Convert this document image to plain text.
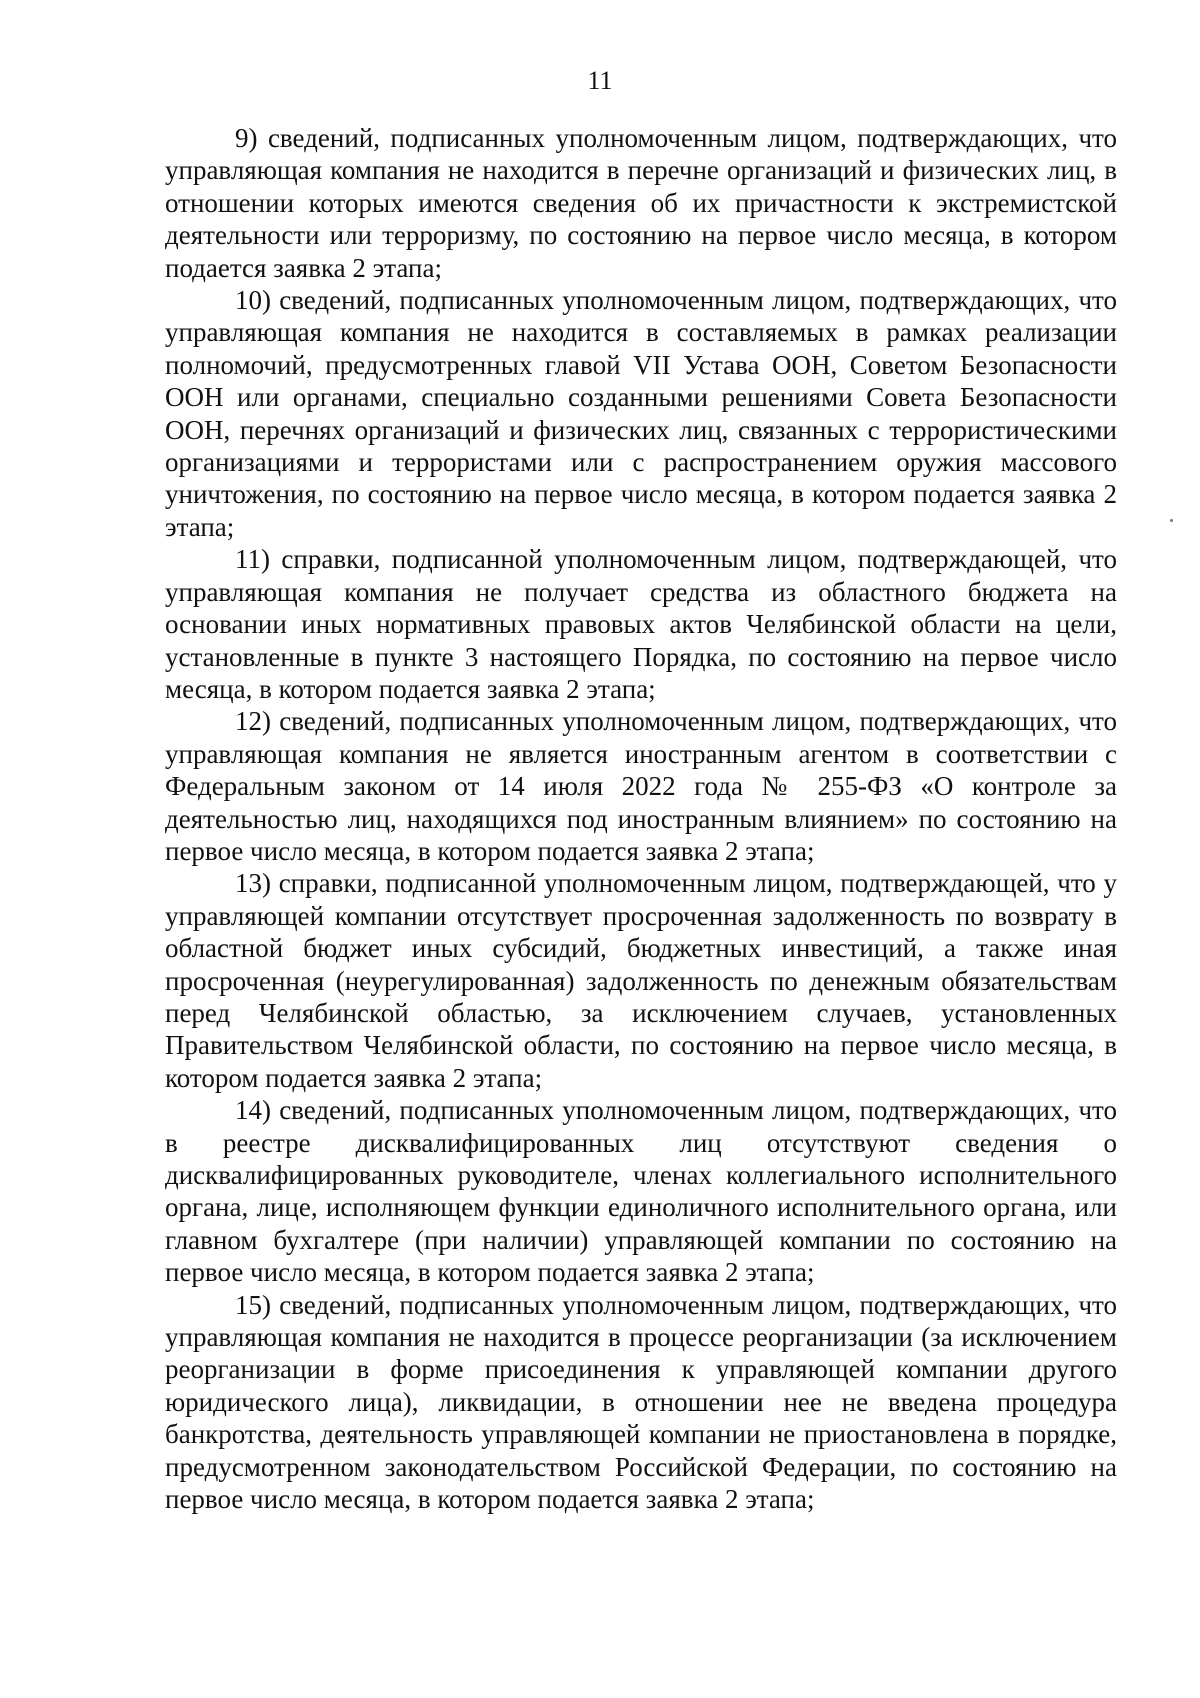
11

9) сведений, подписанных уполномоченным лицом, подтверждающих, что управляющая компания не находится в перечне организаций и физических лиц, в отношении которых имеются сведения об их причастности к экстремистской деятельности или терроризму, по состоянию на первое число месяца, в котором подается заявка 2 этапа;

10) сведений, подписанных уполномоченным лицом, подтверждающих, что управляющая компания не находится в составляемых в рамках реализации полномочий, предусмотренных главой VII Устава ООН, Советом Безопасности ООН или органами, специально созданными решениями Совета Безопасности ООН, перечнях организаций и физических лиц, связанных с террористическими организациями и террористами или с распространением оружия массового уничтожения, по состоянию на первое число месяца, в котором подается заявка 2 этапа;

11) справки, подписанной уполномоченным лицом, подтверждающей, что управляющая компания не получает средства из областного бюджета на основании иных нормативных правовых актов Челябинской области на цели, установленные в пункте 3 настоящего Порядка, по состоянию на первое число месяца, в котором подается заявка 2 этапа;

12) сведений, подписанных уполномоченным лицом, подтверждающих, что управляющая компания не является иностранным агентом в соответствии с Федеральным законом от 14 июля 2022 года № 255-ФЗ «О контроле за деятельностью лиц, находящихся под иностранным влиянием» по состоянию на первое число месяца, в котором подается заявка 2 этапа;

13) справки, подписанной уполномоченным лицом, подтверждающей, что у управляющей компании отсутствует просроченная задолженность по возврату в областной бюджет иных субсидий, бюджетных инвестиций, а также иная просроченная (неурегулированная) задолженность по денежным обязательствам перед Челябинской областью, за исключением случаев, установленных Правительством Челябинской области, по состоянию на первое число месяца, в котором подается заявка 2 этапа;

14) сведений, подписанных уполномоченным лицом, подтверждающих, что в реестре дисквалифицированных лиц отсутствуют сведения о дисквалифицированных руководителе, членах коллегиального исполнительного органа, лице, исполняющем функции единоличного исполнительного органа, или главном бухгалтере (при наличии) управляющей компании по состоянию на первое число месяца, в котором подается заявка 2 этапа;

15) сведений, подписанных уполномоченным лицом, подтверждающих, что управляющая компания не находится в процессе реорганизации (за исключением реорганизации в форме присоединения к управляющей компании другого юридического лица), ликвидации, в отношении нее не введена процедура банкротства, деятельность управляющей компании не приостановлена в порядке, предусмотренном законодательством Российской Федерации, по состоянию на первое число месяца, в котором подается заявка 2 этапа;
